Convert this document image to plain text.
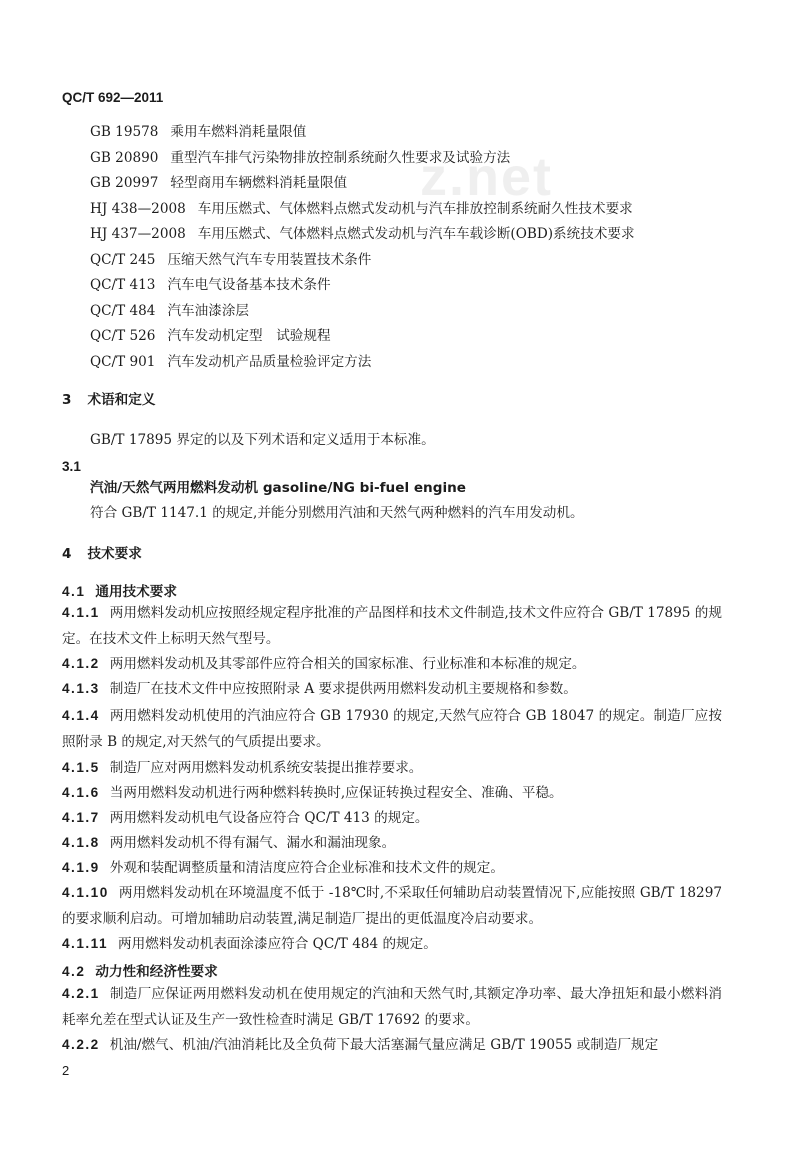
z.net
QC/T 692—2011
GB 19578 乘用车燃料消耗量限值
GB 20890 重型汽车排气污染物排放控制系统耐久性要求及试验方法
GB 20997 轻型商用车辆燃料消耗量限值
HJ 438—2008 车用压燃式、气体燃料点燃式发动机与汽车排放控制系统耐久性技术要求
HJ 437—2008 车用压燃式、气体燃料点燃式发动机与汽车车载诊断(OBD)系统技术要求
QC/T 245 压缩天然气汽车专用装置技术条件
QC/T 413 汽车电气设备基本技术条件
QC/T 484 汽车油漆涂层
QC/T 526 汽车发动机定型　试验规程
QC/T 901 汽车发动机产品质量检验评定方法
3 术语和定义
GB/T 17895 界定的以及下列术语和定义适用于本标准。
3.1
汽油/天然气两用燃料发动机 gasoline/NG bi-fuel engine
符合 GB/T 1147.1 的规定,并能分别燃用汽油和天然气两种燃料的汽车用发动机。
4 技术要求
4.1 通用技术要求
4.1.1 两用燃料发动机应按照经规定程序批准的产品图样和技术文件制造,技术文件应符合 GB/T 17895 的规定。在技术文件上标明天然气型号。
4.1.2 两用燃料发动机及其零部件应符合相关的国家标准、行业标准和本标准的规定。
4.1.3 制造厂在技术文件中应按照附录 A 要求提供两用燃料发动机主要规格和参数。
4.1.4 两用燃料发动机使用的汽油应符合 GB 17930 的规定,天然气应符合 GB 18047 的规定。制造厂应按照附录 B 的规定,对天然气的气质提出要求。
4.1.5 制造厂应对两用燃料发动机系统安装提出推荐要求。
4.1.6 当两用燃料发动机进行两种燃料转换时,应保证转换过程安全、准确、平稳。
4.1.7 两用燃料发动机电气设备应符合 QC/T 413 的规定。
4.1.8 两用燃料发动机不得有漏气、漏水和漏油现象。
4.1.9 外观和装配调整质量和清洁度应符合企业标准和技术文件的规定。
4.1.10 两用燃料发动机在环境温度不低于 -18℃时,不采取任何辅助启动装置情况下,应能按照 GB/T 18297 的要求顺利启动。可增加辅助启动装置,满足制造厂提出的更低温度冷启动要求。
4.1.11 两用燃料发动机表面涂漆应符合 QC/T 484 的规定。
4.2 动力性和经济性要求
4.2.1 制造厂应保证两用燃料发动机在使用规定的汽油和天然气时,其额定净功率、最大净扭矩和最小燃料消耗率允差在型式认证及生产一致性检查时满足 GB/T 17692 的要求。
4.2.2 机油/燃气、机油/汽油消耗比及全负荷下最大活塞漏气量应满足 GB/T 19055 或制造厂规定
2
